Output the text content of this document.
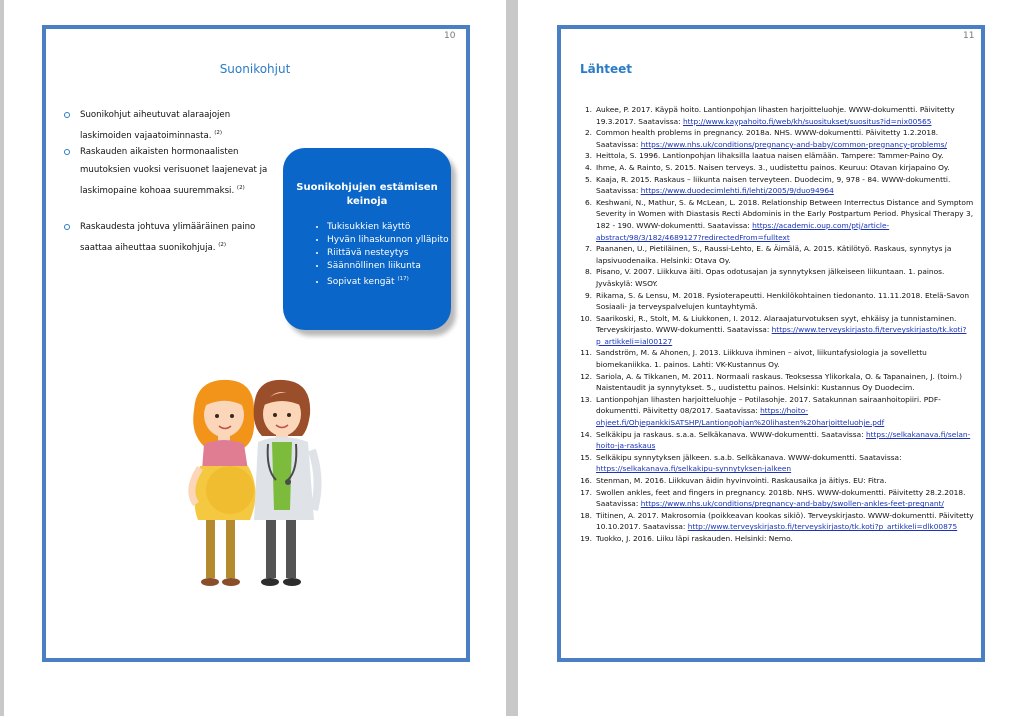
10
Suonikohjut
Suonikohjut aiheutuvat alaraajojen laskimoiden vajaatoiminnasta. $^{(2)}$
Raskauden aikaisten hormonaalisten muutoksien vuoksi verisuonet laajenevat ja laskimopaine kohoaa suuremmaksi. $^{(2)}$
Raskaudesta johtuva ylimääräinen paino saattaa aiheuttaa suonikohjuja. $^{(2)}$
Suonikohjujen estämisen keinoja
• Tukisukkien käyttö
• Hyvän lihaskunnon ylläpito
• Riittävä nesteytys
• Säännöllinen liikunta
• Sopivat kengät $^{(17)}$
11
Lähteet
1. Aukee, P. 2017. Käypä hoito. Lantionpohjan lihasten harjoitteluohje. WWW-dokumentti. Päivitetty 19.3.2017. Saatavissa: http://www.kaypahoito.fi/web/kh/suositukset/suositus?id=nix00565
2. Common health problems in pregnancy. 2018a. NHS. WWW-dokumentti. Päivitetty 1.2.2018. Saatavissa: https://www.nhs.uk/conditions/pregnancy-and-baby/common-pregnancy-problems/
3. Heittola, S. 1996. Lantionpohjan lihaksilla laatua naisen elämään. Tampere: Tammer-Paino Oy.
4. Ihme, A. & Rainto, S. 2015. Naisen terveys. 3., uudistettu painos. Keuruu: Otavan kirjapaino Oy.
5. Kaaja, R. 2015. Raskaus – liikunta naisen terveyteen. Duodecim, 9, 978 - 84. WWW-dokumentti. Saatavissa: https://www.duodecimlehti.fi/lehti/2005/9/duo94964
6. Keshwani, N., Mathur, S. & McLean, L. 2018. Relationship Between Interrectus Distance and Symptom Severity in Women with Diastasis Recti Abdominis in the Early Postpartum Period. Physical Therapy 3, 182 - 190. WWW-dokumentti. Saatavissa: https://academic.oup.com/ptj/article-abstract/98/3/182/4689127?redirectedFrom=fulltext
7. Paananen, U., Pietiläinen, S., Raussi-Lehto, E. & Äimälä, A. 2015. Kätilötyö. Raskaus, synnytys ja lapsivuodenaika. Helsinki: Otava Oy.
8. Pisano, V. 2007. Liikkuva äiti. Opas odotusajan ja synnytyksen jälkeiseen liikuntaan. 1. painos. Jyväskylä: WSOY.
9. Rikama, S. & Lensu, M. 2018. Fysioterapeutti. Henkilökohtainen tiedonanto. 11.11.2018. Etelä-Savon Sosiaali- ja terveyspalvelujen kuntayhtymä.
10. Saarikoski, R., Stolt, M. & Liukkonen, I. 2012. Alaraajaturvotuksen syyt, ehkäisy ja tunnistaminen. Terveyskirjasto. WWW-dokumentti. Saatavissa: https://www.terveyskirjasto.fi/terveyskirjasto/tk.koti?p_artikkeli=ial00127
11. Sandström, M. & Ahonen, J. 2013. Liikkuva ihminen – aivot, liikuntafysiologia ja sovellettu biomekaniikka. 1. painos. Lahti: VK-Kustannus Oy.
12. Sariola, A. & Tikkanen, M. 2011. Normaali raskaus. Teoksessa Ylikorkala, O. & Tapanainen, J. (toim.) Naistentaudit ja synnytykset. 5., uudistettu painos. Helsinki: Kustannus Oy Duodecim.
13. Lantionpohjan lihasten harjoitteluohje – Potilasohje. 2017. Satakunnan sairaanhoitopiiri. PDF-dokumentti. Päivitetty 08/2017. Saatavissa: https://hoito-ohjeet.fi/OhjepankkiSATSHP/Lantionpohjan%20lihasten%20harjoitteluohje.pdf
14. Selkäkipu ja raskaus. s.a.a. Selkäkanava. WWW-dokumentti. Saatavissa: https://selkakanava.fi/selan-hoito-ja-raskaus
15. Selkäkipu synnytyksen jälkeen. s.a.b. Selkäkanava. WWW-dokumentti. Saatavissa: https://selkakanava.fi/selkakipu-synnytyksen-jalkeen
16. Stenman, M. 2016. Liikkuvan äidin hyvinvointi. Raskausaika ja äitiys. EU: Fitra.
17. Swollen ankles, feet and fingers in pregnancy. 2018b. NHS. WWW-dokumentti. Päivitetty 28.2.2018. Saatavissa: https://www.nhs.uk/conditions/pregnancy-and-baby/swollen-ankles-feet-pregnant/
18. Tiitinen, A. 2017. Makrosomia (poikkeavan kookas sikiö). Terveyskirjasto. WWW-dokumentti. Päivitetty 10.10.2017. Saatavissa: http://www.terveyskirjasto.fi/terveyskirjasto/tk.koti?p_artikkeli=dlk00875
19. Tuokko, J. 2016. Liiku läpi raskauden. Helsinki: Nemo.
